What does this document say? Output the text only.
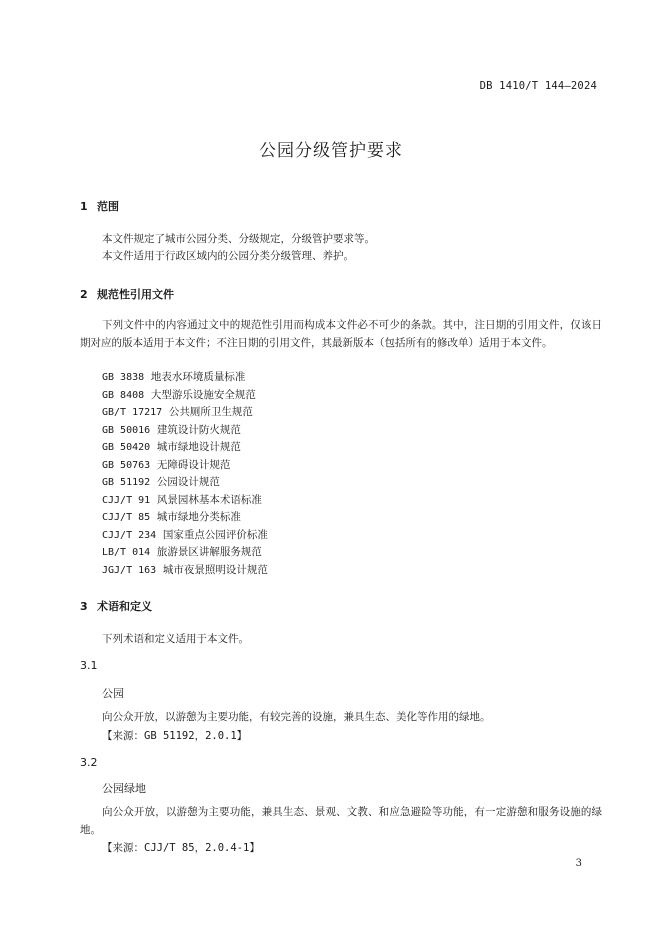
DB 1410/T 144—2024
公园分级管护要求
1 范围

本文件规定了城市公园分类、分级规定，分级管护要求等。

本文件适用于行政区域内的公园分类分级管理、养护。

2 规范性引用文件

下列文件中的内容通过文中的规范性引用而构成本文件必不可少的条款。其中，注日期的引用文件，仅该日期对应的版本适用于本文件；不注日期的引用文件，其最新版本（包括所有的修改单）适用于本文件。

GB 3838 地表水环境质量标准
GB 8408 大型游乐设施安全规范
GB/T 17217 公共厕所卫生规范
GB 50016 建筑设计防火规范
GB 50420 城市绿地设计规范
GB 50763 无障碍设计规范
GB 51192 公园设计规范
CJJ/T 91 风景园林基本术语标准
CJJ/T 85 城市绿地分类标准
CJJ/T 234 国家重点公园评价标准
LB/T 014 旅游景区讲解服务规范
JGJ/T 163 城市夜景照明设计规范
3 术语和定义

下列术语和定义适用于本文件。

3.1
公园

向公众开放，以游憩为主要功能，有较完善的设施，兼具生态、美化等作用的绿地。

【来源：GB 51192，2.0.1】
3.2
公园绿地

向公众开放，以游憩为主要功能，兼具生态、景观、文教、和应急避险等功能，有一定游憩和服务设施的绿地。

【来源：CJJ/T 85，2.0.4-1】
3
